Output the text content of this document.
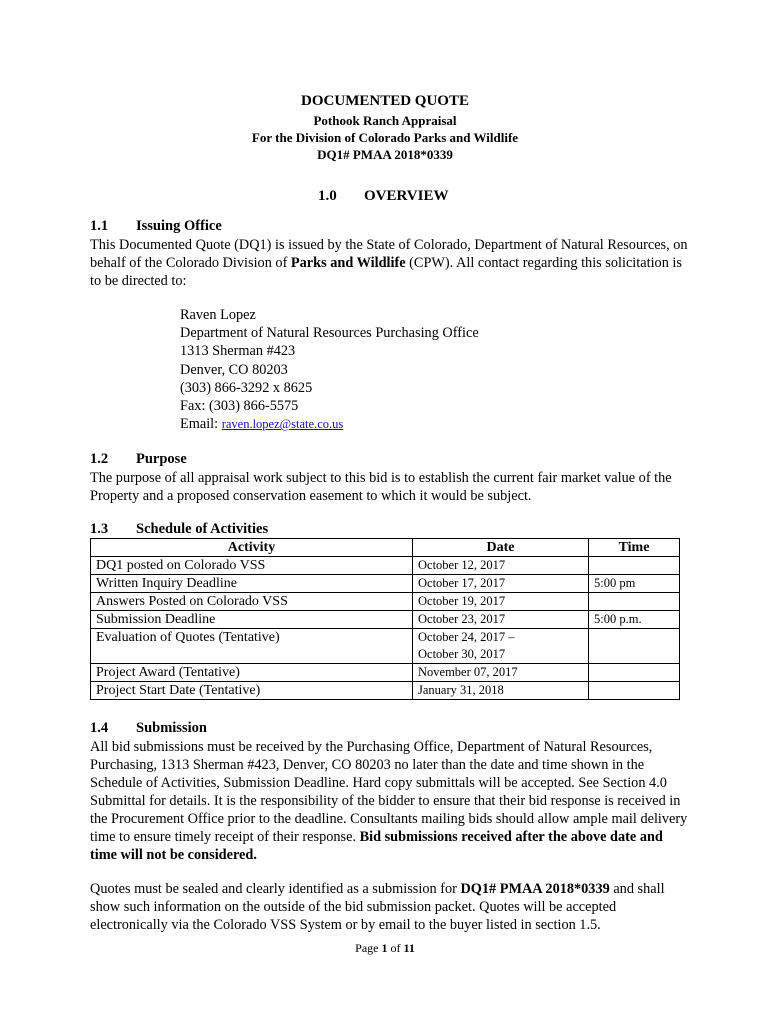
DOCUMENTED QUOTE
Pothook Ranch Appraisal
For the Division of Colorado Parks and Wildlife
DQ1# PMAA 2018*0339
1.0 OVERVIEW
1.1 Issuing Office

This Documented Quote (DQ1) is issued by the State of Colorado, Department of Natural Resources, on behalf of the Colorado Division of Parks and Wildlife (CPW). All contact regarding this solicitation is to be directed to:

Raven Lopez
Department of Natural Resources Purchasing Office
1313 Sherman #423
Denver, CO 80203
(303) 866-3292 x 8625
Fax: (303) 866-5575
Email: raven.lopez@state.co.us
1.2 Purpose
The purpose of all appraisal work subject to this bid is to establish the current fair market value of the Property and a proposed conservation easement to which it would be subject.
1.3 Schedule of Activities
Activity	Date	Time
DQ1 posted on Colorado VSS	October 12, 2017	

Written Inquiry Deadline	October 17, 2017	5:00 pm
Answers Posted on Colorado VSS	October 19, 2017	

Submission Deadline	October 23, 2017	5:00 p.m.
Evaluation of Quotes (Tentative)	October 24, 2017 –
October 30, 2017	

Project Award (Tentative)	November 07, 2017	

Project Start Date (Tentative)	January 31, 2018	

1.4 Submission

All bid submissions must be received by the Purchasing Office, Department of Natural Resources, Purchasing, 1313 Sherman #423, Denver, CO 80203 no later than the date and time shown in the Schedule of Activities, Submission Deadline. Hard copy submittals will be accepted. See Section 4.0 Submittal for details. It is the responsibility of the bidder to ensure that their bid response is received in the Procurement Office prior to the deadline. Consultants mailing bids should allow ample mail delivery time to ensure timely receipt of their response. Bid submissions received after the above date and time will not be considered.

Quotes must be sealed and clearly identified as a submission for DQ1# PMAA 2018*0339 and shall show such information on the outside of the bid submission packet. Quotes will be accepted electronically via the Colorado VSS System or by email to the buyer listed in section 1.5.

Page 1 of 11
